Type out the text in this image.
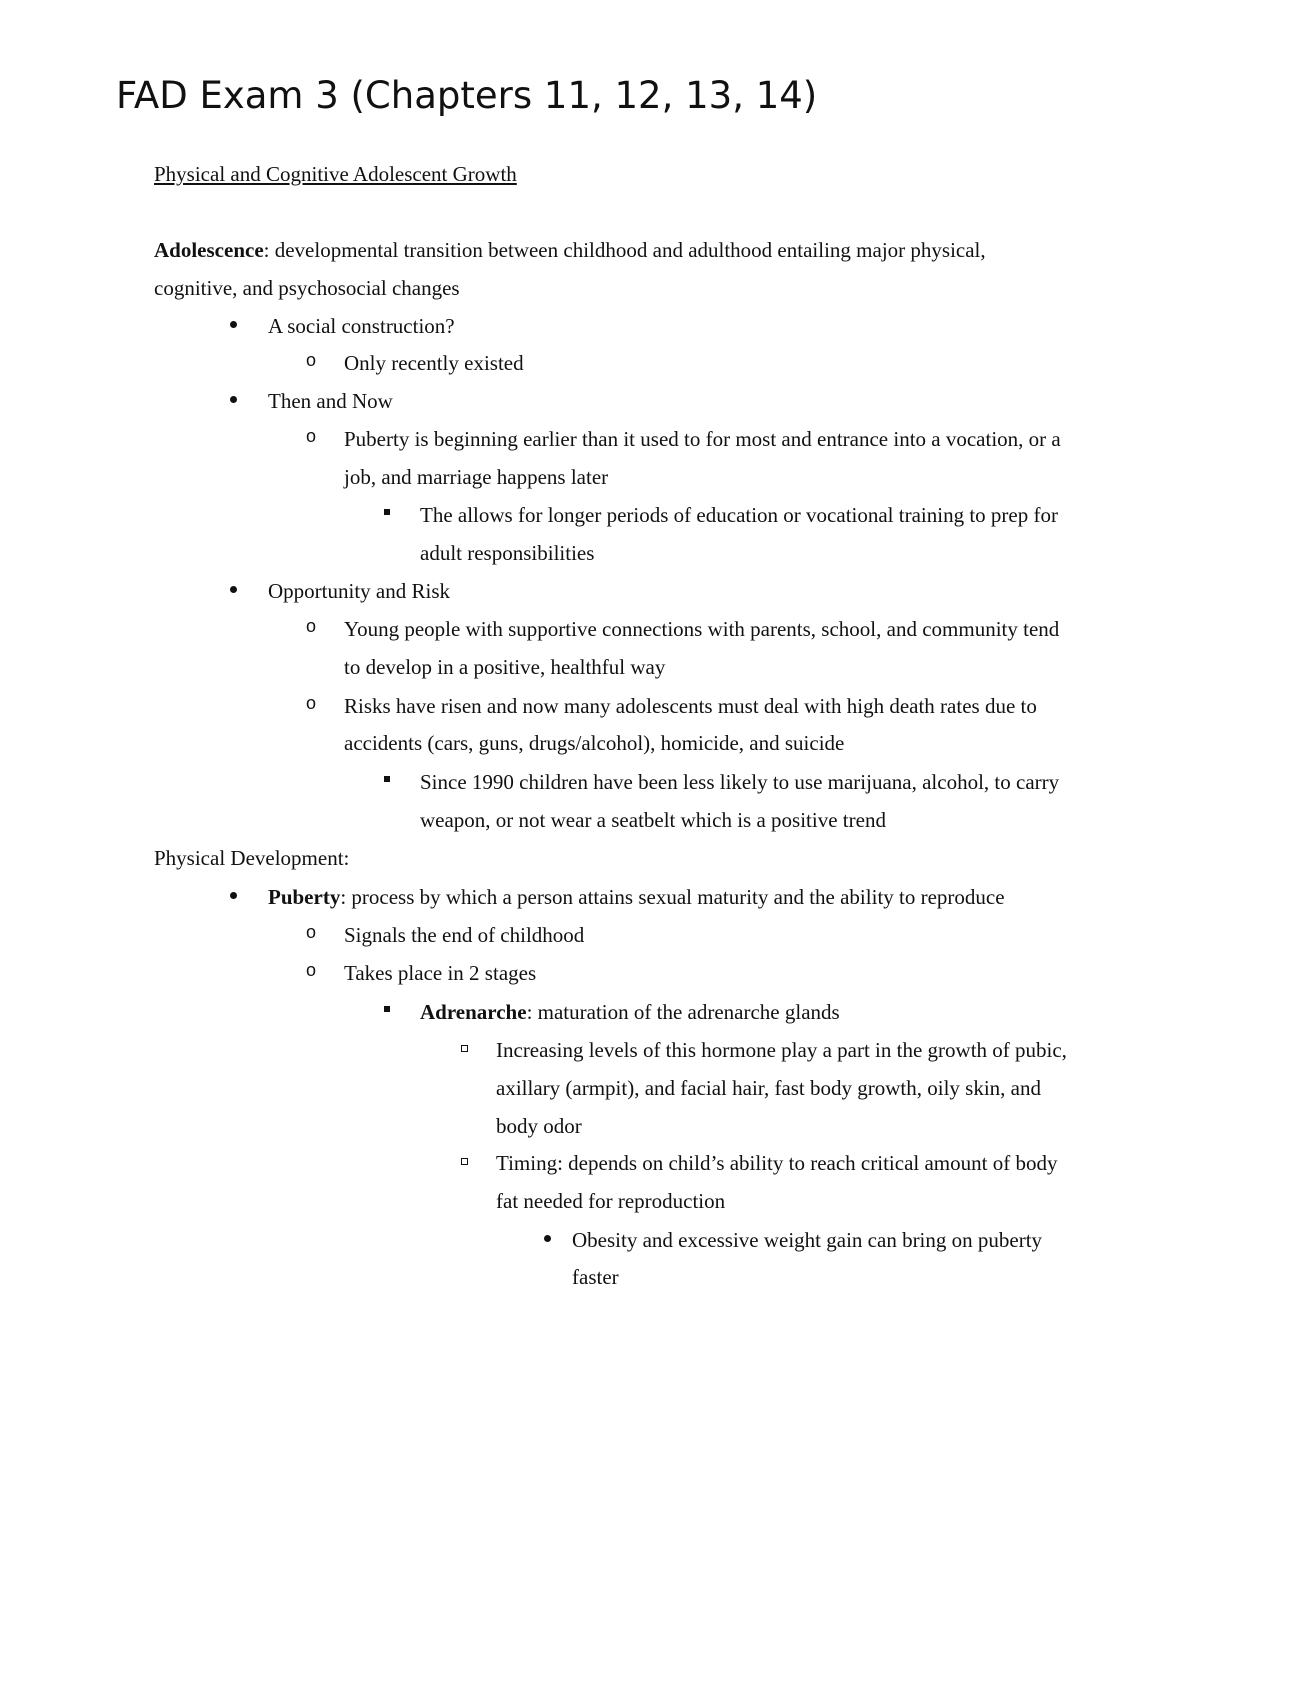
FAD Exam 3 (Chapters 11, 12, 13, 14)
Physical and Cognitive Adolescent Growth
Adolescence: developmental transition between childhood and adulthood entailing major physical,
cognitive, and psychosocial changes
A social construction?
o Only recently existed
Then and Now
o Puberty is beginning earlier than it used to for most and entrance into a vocation, or a
job, and marriage happens later
The allows for longer periods of education or vocational training to prep for
adult responsibilities
Opportunity and Risk
o Young people with supportive connections with parents, school, and community tend
to develop in a positive, healthful way
o Risks have risen and now many adolescents must deal with high death rates due to
accidents (cars, guns, drugs/alcohol), homicide, and suicide
Since 1990 children have been less likely to use marijuana, alcohol, to carry
weapon, or not wear a seatbelt which is a positive trend
Physical Development:
Puberty: process by which a person attains sexual maturity and the ability to reproduce
o Signals the end of childhood
o Takes place in 2 stages
Adrenarche: maturation of the adrenarche glands
Increasing levels of this hormone play a part in the growth of pubic,
axillary (armpit), and facial hair, fast body growth, oily skin, and
body odor
Timing: depends on child’s ability to reach critical amount of body
fat needed for reproduction
Obesity and excessive weight gain can bring on puberty
faster
